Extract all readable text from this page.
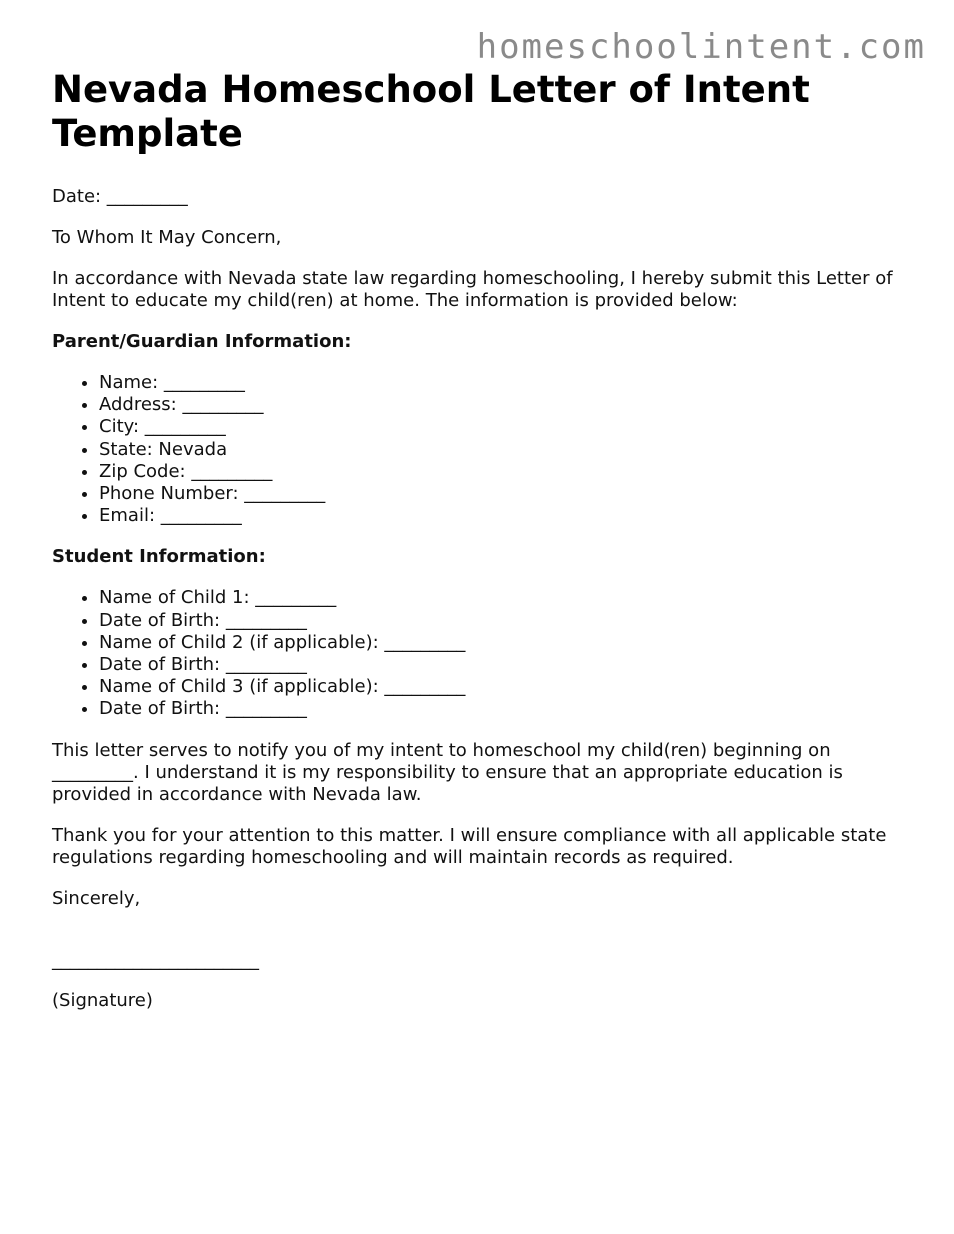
homeschoolintent.com
Nevada Homeschool Letter of Intent Template

Date: _________

To Whom It May Concern,

In accordance with Nevada state law regarding homeschooling, I hereby submit this Letter of Intent to educate my child(ren) at home. The information is provided below:

Parent/Guardian Information:

• Name: _________
• Address: _________
• City: _________
• State: Nevada
• Zip Code: _________
• Phone Number: _________
• Email: _________

Student Information:

• Name of Child 1: _________
• Date of Birth: _________
• Name of Child 2 (if applicable): _________
• Date of Birth: _________
• Name of Child 3 (if applicable): _________
• Date of Birth: _________

This letter serves to notify you of my intent to homeschool my child(ren) beginning on _________. I understand it is my responsibility to ensure that an appropriate education is provided in accordance with Nevada law.

Thank you for your attention to this matter. I will ensure compliance with all applicable state regulations regarding homeschooling and will maintain records as required.

Sincerely,

_______________________

(Signature)
